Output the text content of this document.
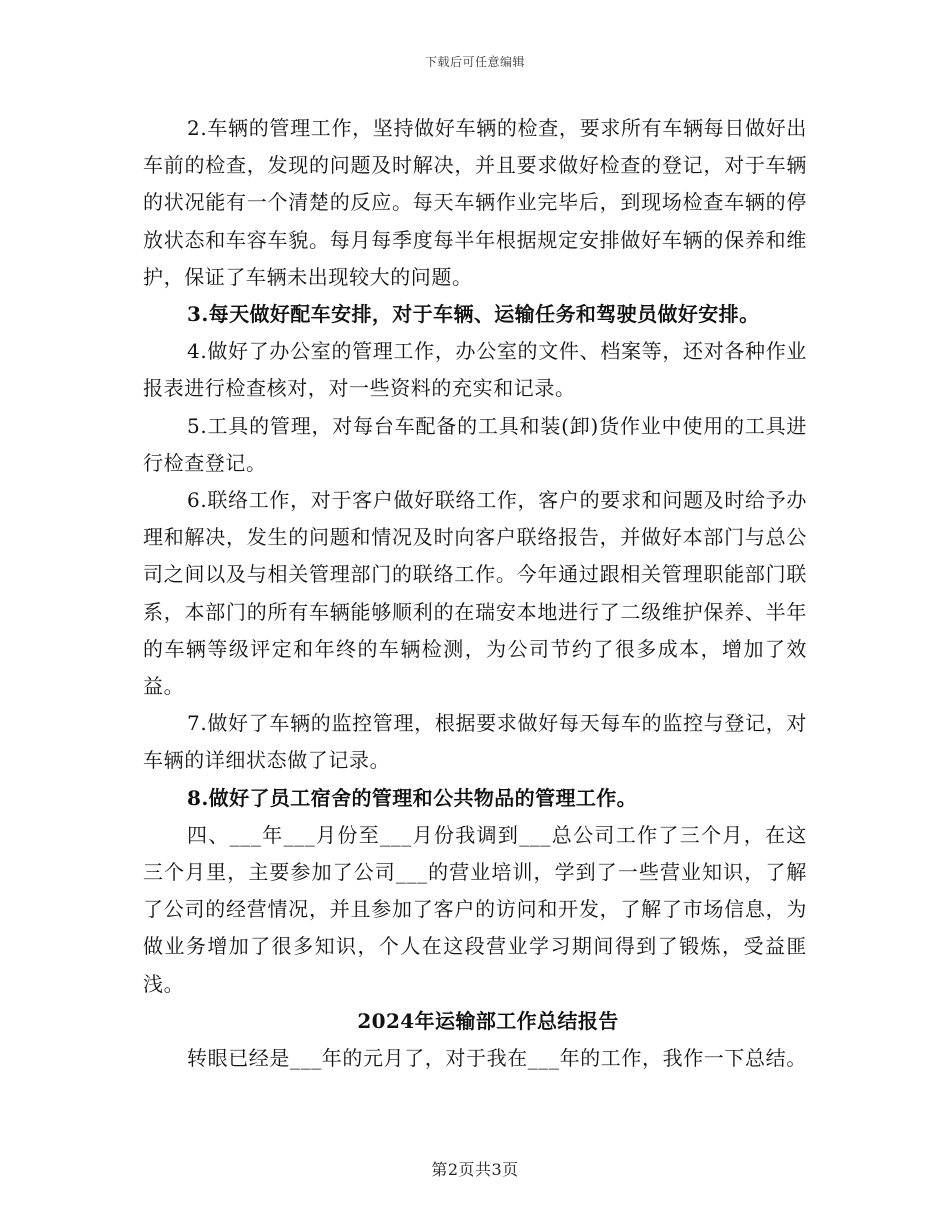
下载后可任意编辑

2.车辆的管理工作，坚持做好车辆的检查，要求所有车辆每日做好出车前的检查，发现的问题及时解决，并且要求做好检查的登记，对于车辆的状况能有一个清楚的反应。每天车辆作业完毕后，到现场检查车辆的停放状态和车容车貌。每月每季度每半年根据规定安排做好车辆的保养和维护，保证了车辆未出现较大的问题。

3.每天做好配车安排，对于车辆、运输任务和驾驶员做好安排。

4.做好了办公室的管理工作，办公室的文件、档案等，还对各种作业报表进行检查核对，对一些资料的充实和记录。

5.工具的管理，对每台车配备的工具和装(卸)货作业中使用的工具进行检查登记。

6.联络工作，对于客户做好联络工作，客户的要求和问题及时给予办理和解决，发生的问题和情况及时向客户联络报告，并做好本部门与总公司之间以及与相关管理部门的联络工作。今年通过跟相关管理职能部门联系，本部门的所有车辆能够顺利的在瑞安本地进行了二级维护保养、半年的车辆等级评定和年终的车辆检测，为公司节约了很多成本，增加了效益。

7.做好了车辆的监控管理，根据要求做好每天每车的监控与登记，对车辆的详细状态做了记录。

8.做好了员工宿舍的管理和公共物品的管理工作。

四、___年___月份至___月份我调到___总公司工作了三个月，在这三个月里，主要参加了公司___的营业培训，学到了一些营业知识，了解了公司的经营情况，并且参加了客户的访问和开发，了解了市场信息，为做业务增加了很多知识，个人在这段营业学习期间得到了锻炼，受益匪浅。

2024年运输部工作总结报告

转眼已经是___年的元月了，对于我在___年的工作，我作一下总结。

第2页共3页
